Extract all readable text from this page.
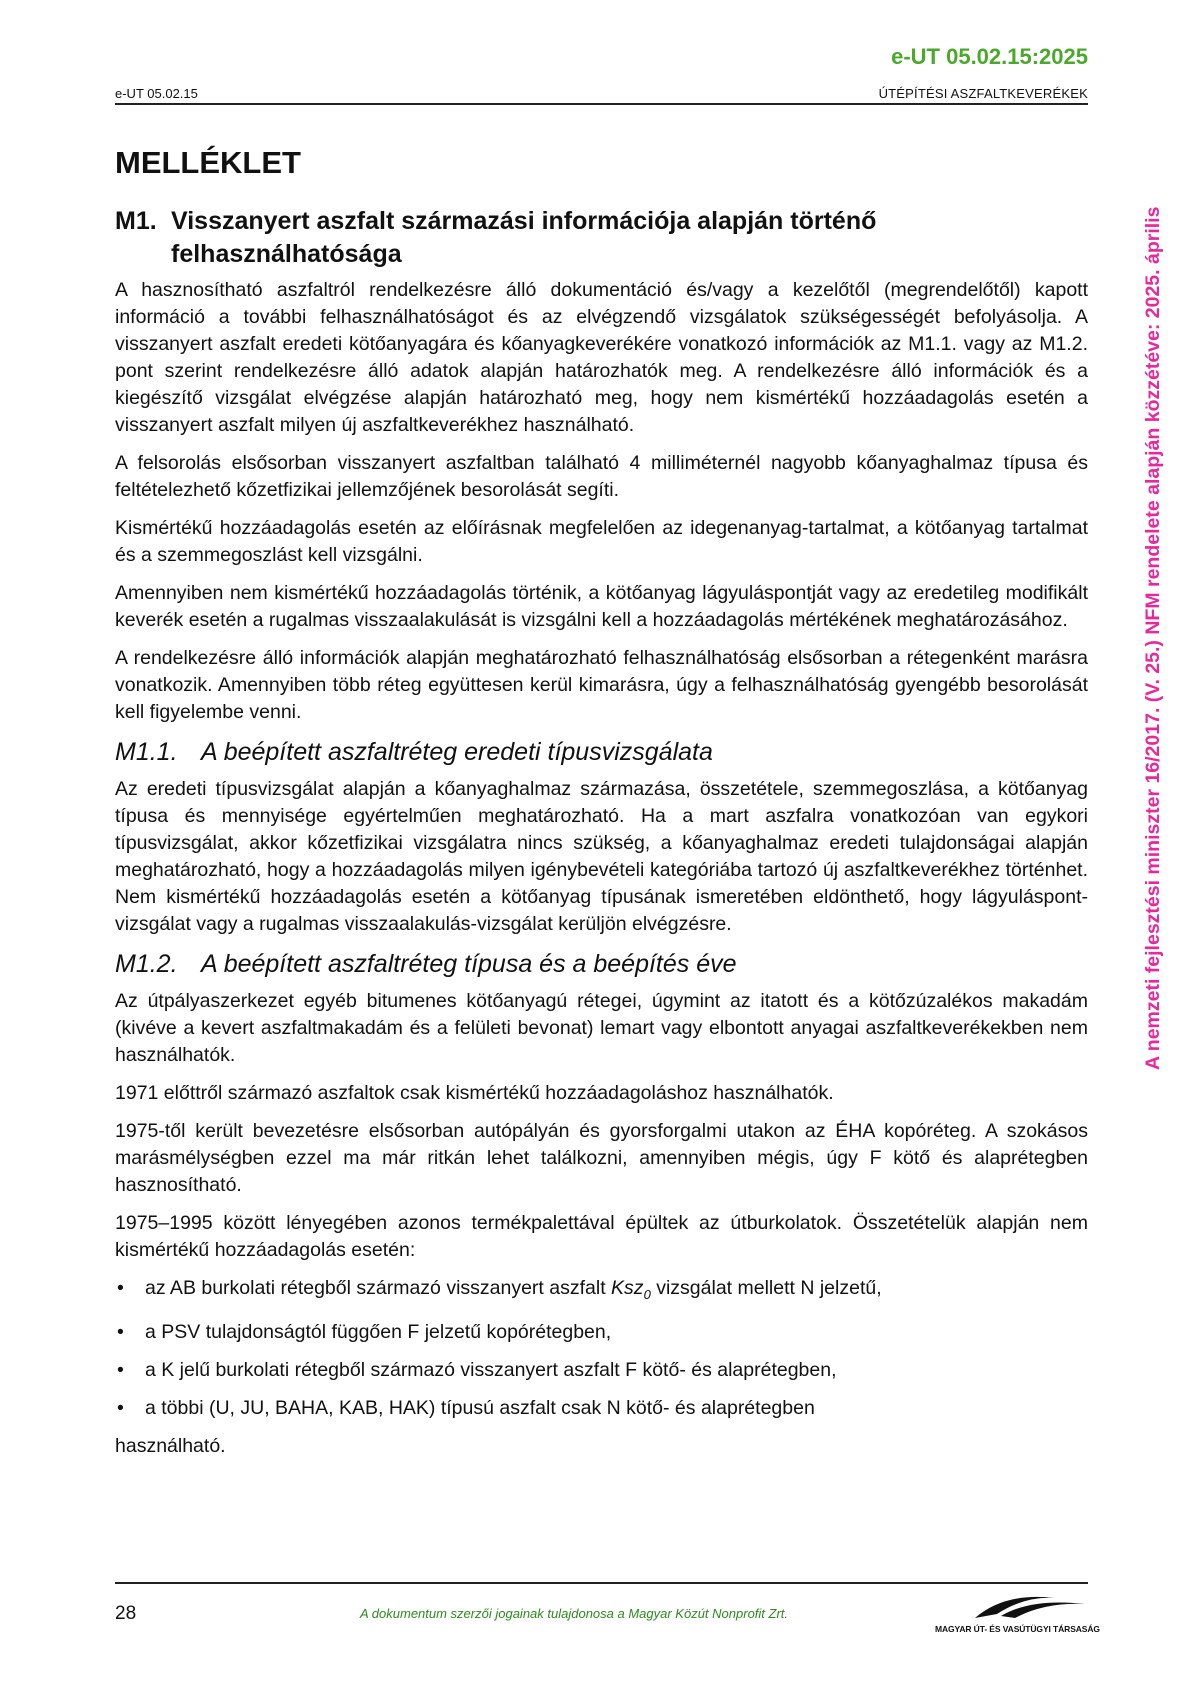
e-UT 05.02.15:2025
e-UT 05.02.15	ÚTÉPÍTÉSI ASZFALTKEVERÉKEK
A nemzeti fejlesztési miniszter 16/2017. (V. 25.) NFM rendelete alapján közzétéve: 2025. április
MELLÉKLET
M1. Visszanyert aszfalt származási információja alapján történő felhasználhatósága

A hasznosítható aszfaltról rendelkezésre álló dokumentáció és/vagy a kezelőtől (megrendelőtől) kapott információ a további felhasználhatóságot és az elvégzendő vizsgálatok szükségességét befolyásolja. A visszanyert aszfalt eredeti kötőanyagára és kőanyagkeverékére vonatkozó információk az M1.1. vagy az M1.2. pont szerint rendelkezésre álló adatok alapján határozhatók meg. A rendelkezésre álló információk és a kiegészítő vizsgálat elvégzése alapján határozható meg, hogy nem kismértékű hozzáadagolás esetén a visszanyert aszfalt milyen új aszfaltkeverékhez használható.

A felsorolás elsősorban visszanyert aszfaltban található 4 milliméternél nagyobb kőanyaghalmaz típusa és feltételezhető kőzetfizikai jellemzőjének besorolását segíti.

Kismértékű hozzáadagolás esetén az előírásnak megfelelően az idegenanyag-tartalmat, a kötőanyag tartalmat és a szemmegoszlást kell vizsgálni.

Amennyiben nem kismértékű hozzáadagolás történik, a kötőanyag lágyuláspontját vagy az eredetileg modifikált keverék esetén a rugalmas visszaalakulását is vizsgálni kell a hozzáadagolás mértékének meghatározásához.

A rendelkezésre álló információk alapján meghatározható felhasználhatóság elsősorban a rétegenként marásra vonatkozik. Amennyiben több réteg együttesen kerül kimarásra, úgy a felhasználhatóság gyengébb besorolását kell figyelembe venni.

M1.1. A beépített aszfaltréteg eredeti típusvizsgálata

Az eredeti típusvizsgálat alapján a kőanyaghalmaz származása, összetétele, szemmegoszlása, a kötőanyag típusa és mennyisége egyértelműen meghatározható. Ha a mart aszfalra vonatkozóan van egykori típusvizsgálat, akkor kőzetfizikai vizsgálatra nincs szükség, a kőanyaghalmaz eredeti tulajdonságai alapján meghatározható, hogy a hozzáadagolás milyen igénybevételi kategóriába tartozó új aszfaltkeverékhez történhet. Nem kismértékű hozzáadagolás esetén a kötőanyag típusának ismeretében eldönthető, hogy lágyuláspont-vizsgálat vagy a rugalmas visszaalakulás-vizsgálat kerüljön elvégzésre.

M1.2. A beépített aszfaltréteg típusa és a beépítés éve

Az útpályaszerkezet egyéb bitumenes kötőanyagú rétegei, úgymint az itatott és a kötőzúzalékos makadám (kivéve a kevert aszfaltmakadám és a felületi bevonat) lemart vagy elbontott anyagai aszfaltkeverékekben nem használhatók.

1971 előttről származó aszfaltok csak kismértékű hozzáadagoláshoz használhatók.

1975-től került bevezetésre elsősorban autópályán és gyorsforgalmi utakon az ÉHA kopóréteg. A szokásos marásmélységben ezzel ma már ritkán lehet találkozni, amennyiben mégis, úgy F kötő és alaprétegben hasznosítható.

1975–1995 között lényegében azonos termékpalettával épültek az útburkolatok. Összetételük alapján nem kismértékű hozzáadagolás esetén:

• az AB burkolati rétegből származó visszanyert aszfalt Ksz$_0$ vizsgálat mellett N jelzetű,
• a PSV tulajdonságtól függően F jelzetű kopórétegben,
• a K jelű burkolati rétegből származó visszanyert aszfalt F kötő- és alaprétegben,
• a többi (U, JU, BAHA, KAB, HAK) típusú aszfalt csak N kötő- és alaprétegben

használható.

28	A dokumentum szerzői jogainak tulajdonosa a Magyar Közút Nonprofit Zrt.
MAGYAR ÚT- ÉS VASÚTÜGYI TÁRSASÁG
